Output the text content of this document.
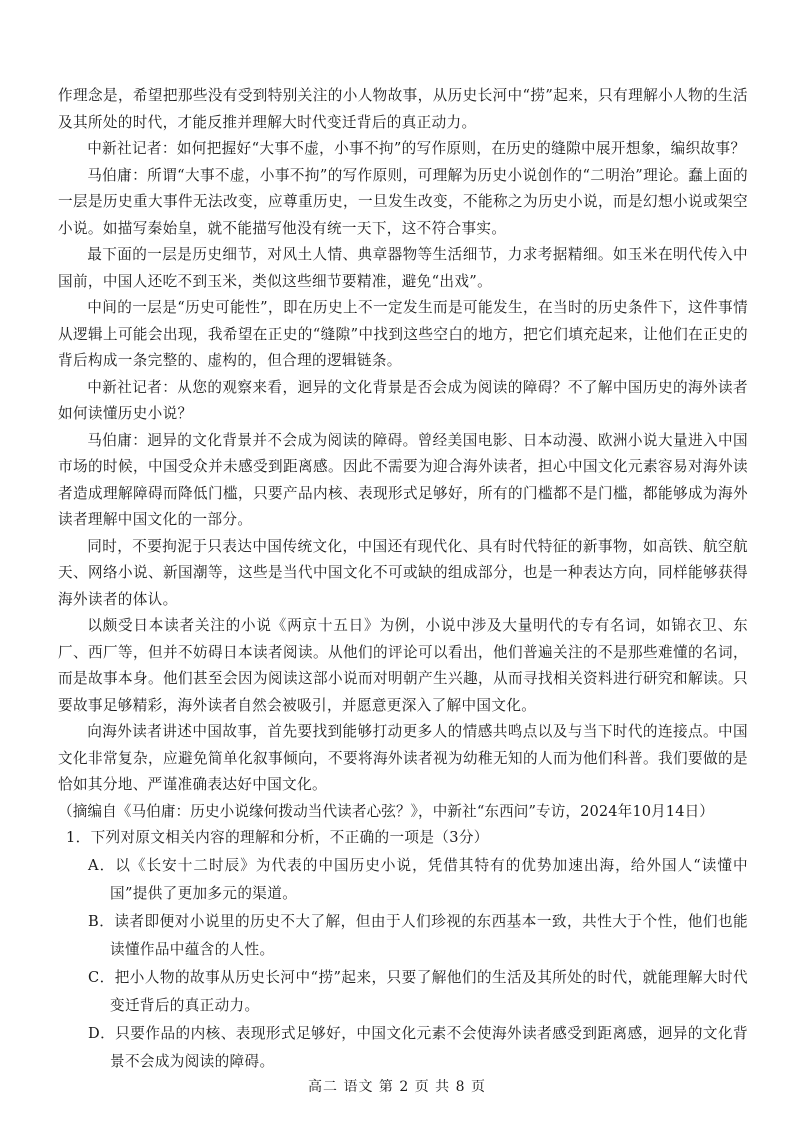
作理念是，希望把那些没有受到特别关注的小人物故事，从历史长河中“捞”起来，只有理解小人物的生活及其所处的时代，才能反推并理解大时代变迁背后的真正动力。

中新社记者：如何把握好“大事不虚，小事不拘”的写作原则，在历史的缝隙中展开想象，编织故事？

马伯庸：所谓“大事不虚，小事不拘”的写作原则，可理解为历史小说创作的“二明治”理论。蠢上面的一层是历史重大事件无法改变，应尊重历史，一旦发生改变，不能称之为历史小说，而是幻想小说或架空小说。如描写秦始皇，就不能描写他没有统一天下，这不符合事实。

最下面的一层是历史细节，对风土人情、典章器物等生活细节，力求考据精细。如玉米在明代传入中国前，中国人还吃不到玉米，类似这些细节要精准，避免“出戏”。

中间的一层是“历史可能性”，即在历史上不一定发生而是可能发生，在当时的历史条件下，这件事情从逻辑上可能会出现，我希望在正史的“缝隙”中找到这些空白的地方，把它们填充起来，让他们在正史的背后构成一条完整的、虚构的，但合理的逻辑链条。

中新社记者：从您的观察来看，迥异的文化背景是否会成为阅读的障碍？不了解中国历史的海外读者如何读懂历史小说？

马伯庸：迥异的文化背景并不会成为阅读的障碍。曾经美国电影、日本动漫、欧洲小说大量进入中国市场的时候，中国受众并未感受到距离感。因此不需要为迎合海外读者，担心中国文化元素容易对海外读者造成理解障碍而降低门槛，只要产品内核、表现形式足够好，所有的门槛都不是门槛，都能够成为海外读者理解中国文化的一部分。

同时，不要拘泥于只表达中国传统文化，中国还有现代化、具有时代特征的新事物，如高铁、航空航天、网络小说、新国潮等，这些是当代中国文化不可或缺的组成部分，也是一种表达方向，同样能够获得海外读者的体认。

以颇受日本读者关注的小说《两京十五日》为例，小说中涉及大量明代的专有名词，如锦衣卫、东厂、西厂等，但并不妨碍日本读者阅读。从他们的评论可以看出，他们普遍关注的不是那些难懂的名词，而是故事本身。他们甚至会因为阅读这部小说而对明朝产生兴趣，从而寻找相关资料进行研究和解读。只要故事足够精彩，海外读者自然会被吸引，并愿意更深入了解中国文化。

向海外读者讲述中国故事，首先要找到能够打动更多人的情感共鸣点以及与当下时代的连接点。中国文化非常复杂，应避免简单化叙事倾向，不要将海外读者视为幼稚无知的人而为他们科普。我们要做的是恰如其分地、严谨准确表达好中国文化。

（摘编自《马伯庸：历史小说缘何拨动当代读者心弦？》，中新社“东西问”专访，2024年10月14日）

1．下列对原文相关内容的理解和分析，不正确的一项是（3分）

A．以《长安十二时辰》为代表的中国历史小说，凭借其特有的优势加速出海，给外国人“读懂中国”提供了更加多元的渠道。

B．读者即便对小说里的历史不大了解，但由于人们珍视的东西基本一致，共性大于个性，他们也能读懂作品中蕴含的人性。

C．把小人物的故事从历史长河中“捞”起来，只要了解他们的生活及其所处的时代，就能理解大时代变迁背后的真正动力。

D．只要作品的内核、表现形式足够好，中国文化元素不会使海外读者感受到距离感，迥异的文化背景不会成为阅读的障碍。

高二 语文 第 2 页 共 8 页
